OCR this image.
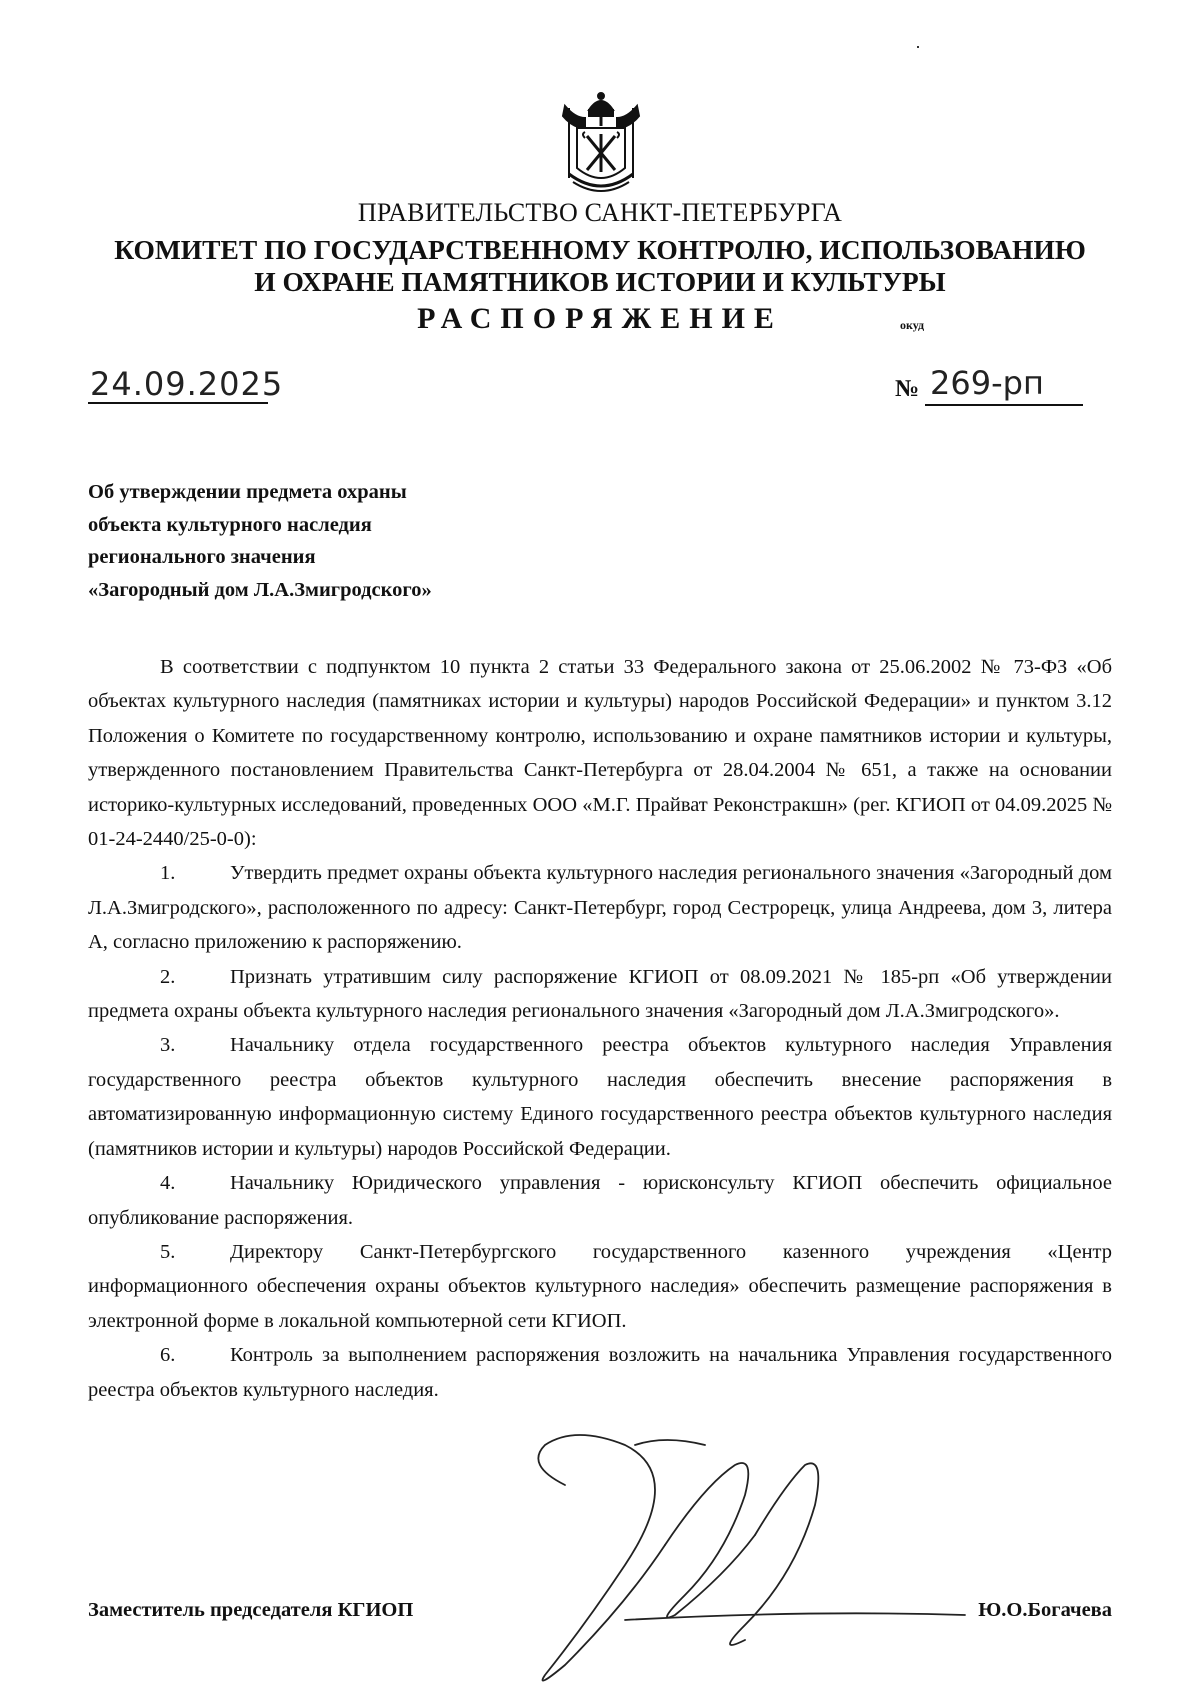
ПРАВИТЕЛЬСТВО САНКТ-ПЕТЕРБУРГА
КОМИТЕТ ПО ГОСУДАРСТВЕННОМУ КОНТРОЛЮ, ИСПОЛЬЗОВАНИЮ
И ОХРАНЕ ПАМЯТНИКОВ ИСТОРИИ И КУЛЬТУРЫ
РАСПОРЯЖЕНИЕ	окуд
24.09.2025	№ 269-рп
Об утверждении предмета охраны
объекта культурного наследия
регионального значения
«Загородный дом Л.А.Змигродского»

В соответствии с подпунктом 10 пункта 2 статьи 33 Федерального закона от 25.06.2002 № 73-ФЗ «Об объектах культурного наследия (памятниках истории и культуры) народов Российской Федерации» и пунктом 3.12 Положения о Комитете по государственному контролю, использованию и охране памятников истории и культуры, утвержденного постановлением Правительства Санкт-Петербурга от 28.04.2004 № 651, а также на основании историко-культурных исследований, проведенных ООО «М.Г. Прайват Реконстракшн» (рег. КГИОП от 04.09.2025 № 01-24-2440/25-0-0):

1.	Утвердить предмет охраны объекта культурного наследия регионального значения «Загородный дом Л.А.Змигродского», расположенного по адресу: Санкт-Петербург, город Сестрорецк, улица Андреева, дом 3, литера А, согласно приложению к распоряжению.

2.	Признать утратившим силу распоряжение КГИОП от 08.09.2021 № 185-рп «Об утверждении предмета охраны объекта культурного наследия регионального значения «Загородный дом Л.А.Змигродского».

3.	Начальнику отдела государственного реестра объектов культурного наследия Управления государственного реестра объектов культурного наследия обеспечить внесение распоряжения в автоматизированную информационную систему Единого государственного реестра объектов культурного наследия (памятников истории и культуры) народов Российской Федерации.

4.	Начальнику Юридического управления - юрисконсульту КГИОП обеспечить официальное опубликование распоряжения.

5.	Директору Санкт-Петербургского государственного казенного учреждения «Центр информационного обеспечения охраны объектов культурного наследия» обеспечить размещение распоряжения в электронной форме в локальной компьютерной сети КГИОП.

6.	Контроль за выполнением распоряжения возложить на начальника Управления государственного реестра объектов культурного наследия.

Заместитель председателя КГИОП	Ю.О.Богачева
